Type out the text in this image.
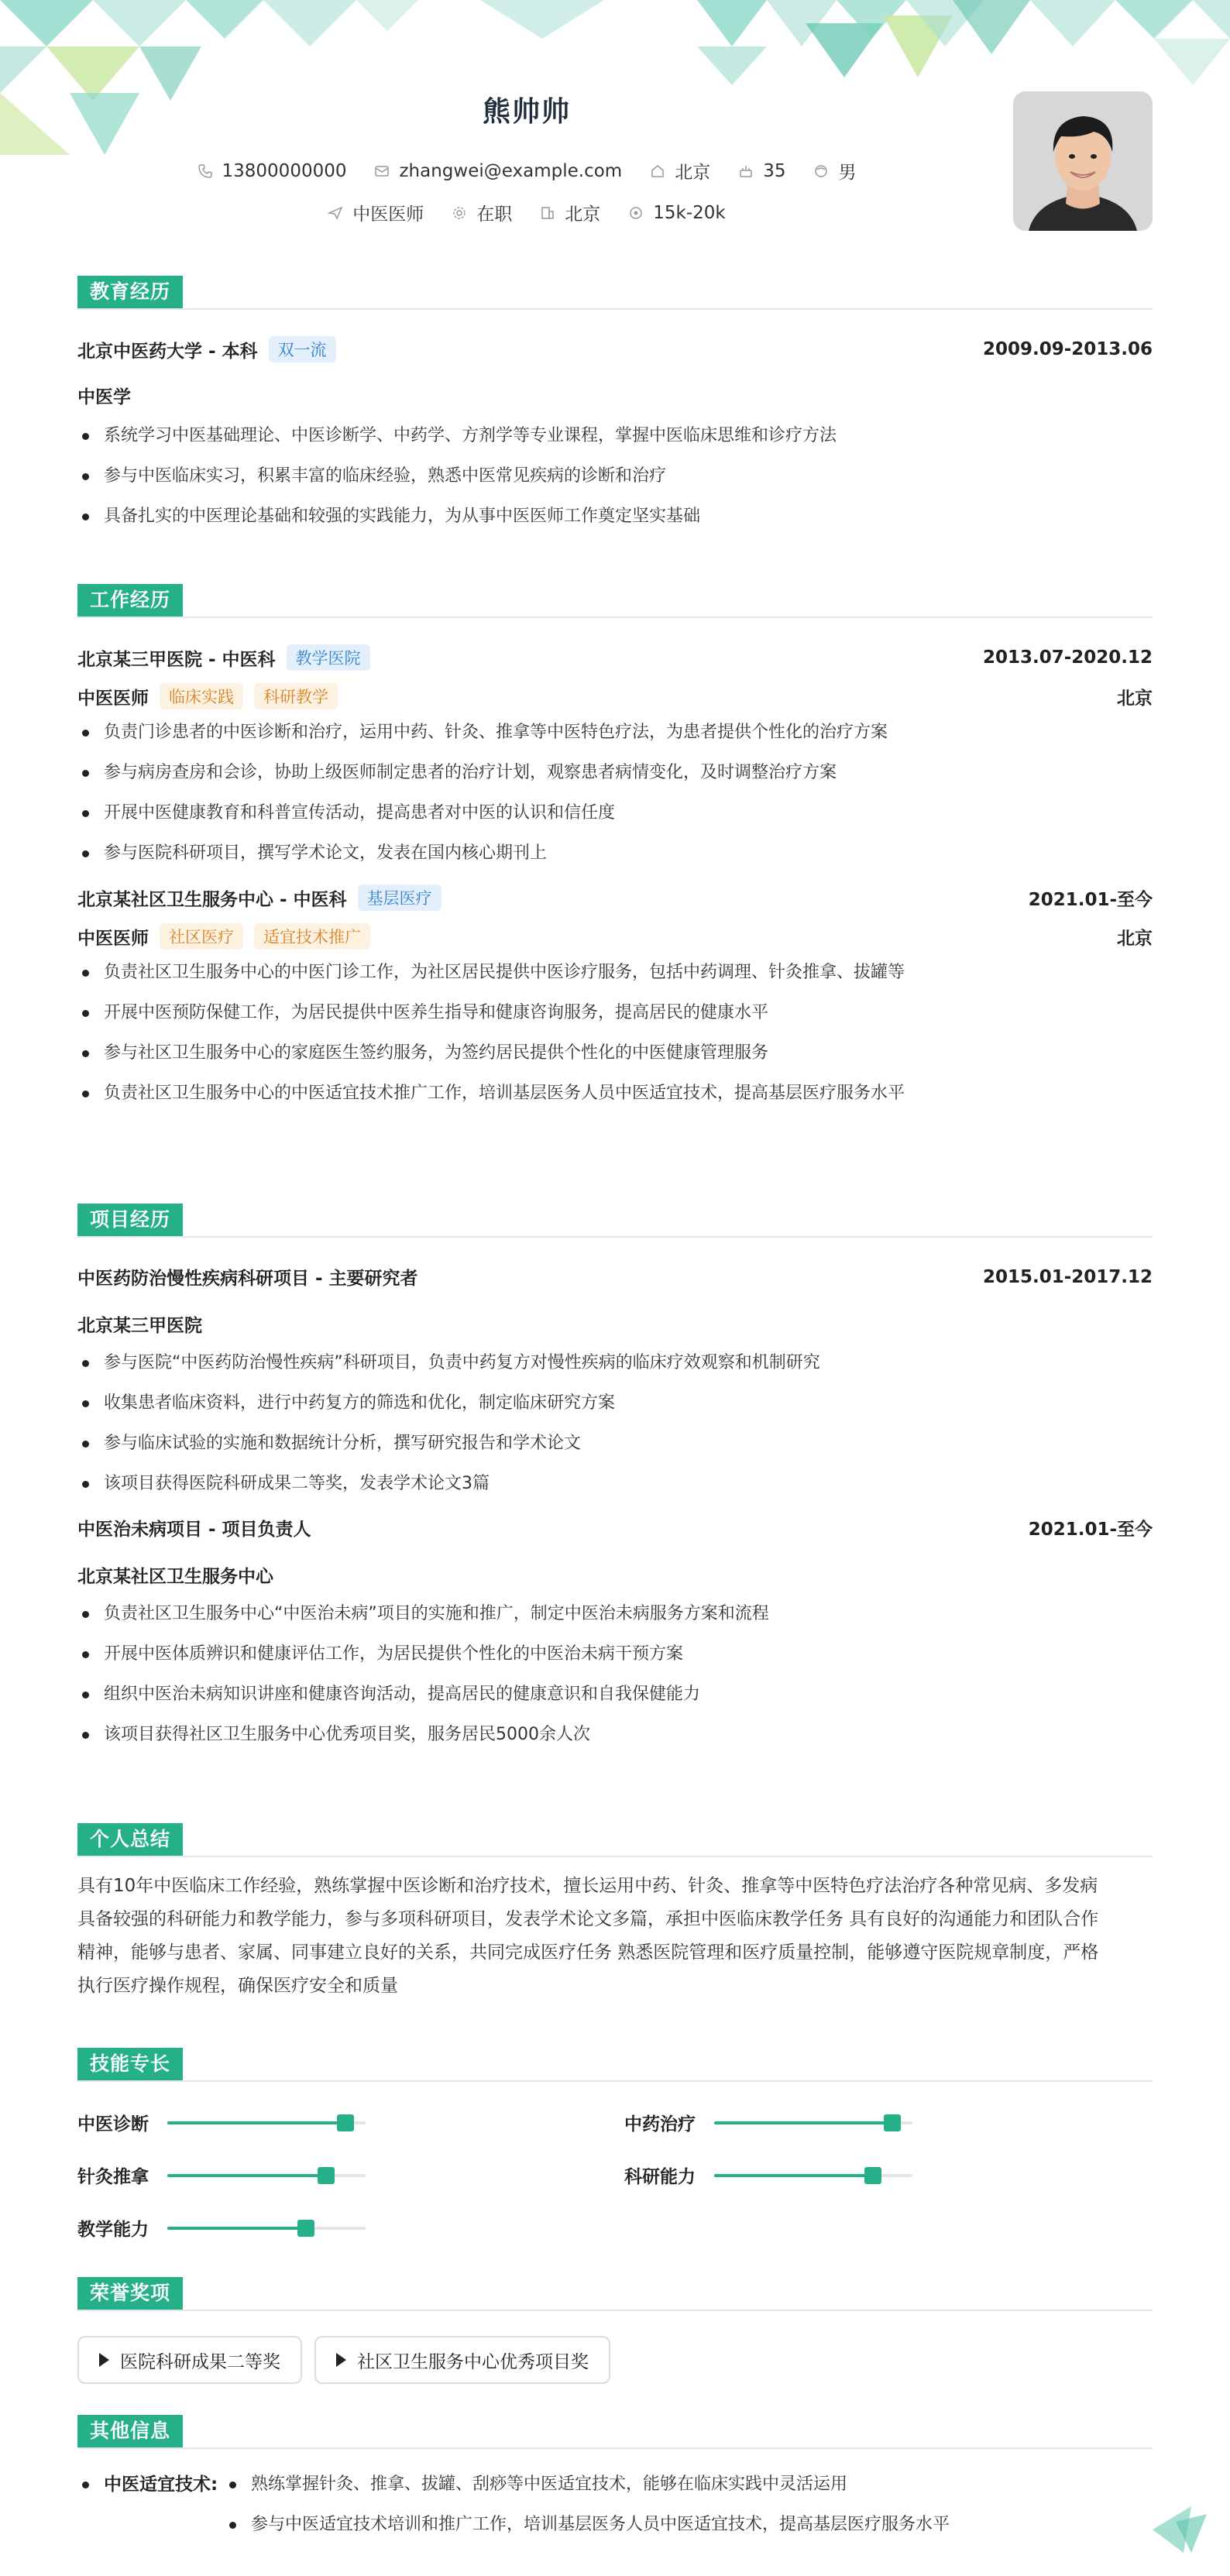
熊帅帅
13800000000	zhangwei@example.com	北京	35	男
中医医师	在职	北京	15k-20k
教育经历
北京中医药大学 - 本科	双一流	2009.09-2013.06
中医学
系统学习中医基础理论、中医诊断学、中药学、方剂学等专业课程，掌握中医临床思维和诊疗方法
参与中医临床实习，积累丰富的临床经验，熟悉中医常见疾病的诊断和治疗
具备扎实的中医理论基础和较强的实践能力，为从事中医医师工作奠定坚实基础
工作经历
北京某三甲医院 - 中医科	教学医院	2013.07-2020.12
中医医师	临床实践	科研教学	北京
负责门诊患者的中医诊断和治疗，运用中药、针灸、推拿等中医特色疗法，为患者提供个性化的治疗方案
参与病房查房和会诊，协助上级医师制定患者的治疗计划，观察患者病情变化，及时调整治疗方案
开展中医健康教育和科普宣传活动，提高患者对中医的认识和信任度
参与医院科研项目，撰写学术论文，发表在国内核心期刊上
北京某社区卫生服务中心 - 中医科	基层医疗	2021.01-至今
中医医师	社区医疗	适宜技术推广	北京
负责社区卫生服务中心的中医门诊工作，为社区居民提供中医诊疗服务，包括中药调理、针灸推拿、拔罐等
开展中医预防保健工作，为居民提供中医养生指导和健康咨询服务，提高居民的健康水平
参与社区卫生服务中心的家庭医生签约服务，为签约居民提供个性化的中医健康管理服务
负责社区卫生服务中心的中医适宜技术推广工作，培训基层医务人员中医适宜技术，提高基层医疗服务水平
项目经历
中医药防治慢性疾病科研项目 - 主要研究者	2015.01-2017.12
北京某三甲医院
参与医院“中医药防治慢性疾病”科研项目，负责中药复方对慢性疾病的临床疗效观察和机制研究
收集患者临床资料，进行中药复方的筛选和优化，制定临床研究方案
参与临床试验的实施和数据统计分析，撰写研究报告和学术论文
该项目获得医院科研成果二等奖，发表学术论文3篇
中医治未病项目 - 项目负责人	2021.01-至今
北京某社区卫生服务中心
负责社区卫生服务中心“中医治未病”项目的实施和推广，制定中医治未病服务方案和流程
开展中医体质辨识和健康评估工作，为居民提供个性化的中医治未病干预方案
组织中医治未病知识讲座和健康咨询活动，提高居民的健康意识和自我保健能力
该项目获得社区卫生服务中心优秀项目奖，服务居民5000余人次
个人总结
具有10年中医临床工作经验，熟练掌握中医诊断和治疗技术，擅长运用中药、针灸、推拿等中医特色疗法治疗各种常见病、多发病
具备较强的科研能力和教学能力，参与多项科研项目，发表学术论文多篇，承担中医临床教学任务 具有良好的沟通能力和团队合作
精神，能够与患者、家属、同事建立良好的关系，共同完成医疗任务 熟悉医院管理和医疗质量控制，能够遵守医院规章制度，严格
执行医疗操作规程，确保医疗安全和质量
技能专长
中医诊断	中药治疗
针灸推拿	科研能力
教学能力
荣誉奖项
医院科研成果二等奖	社区卫生服务中心优秀项目奖
其他信息
中医适宜技术:	熟练掌握针灸、推拿、拔罐、刮痧等中医适宜技术，能够在临床实践中灵活运用
参与中医适宜技术培训和推广工作，培训基层医务人员中医适宜技术，提高基层医疗服务水平
